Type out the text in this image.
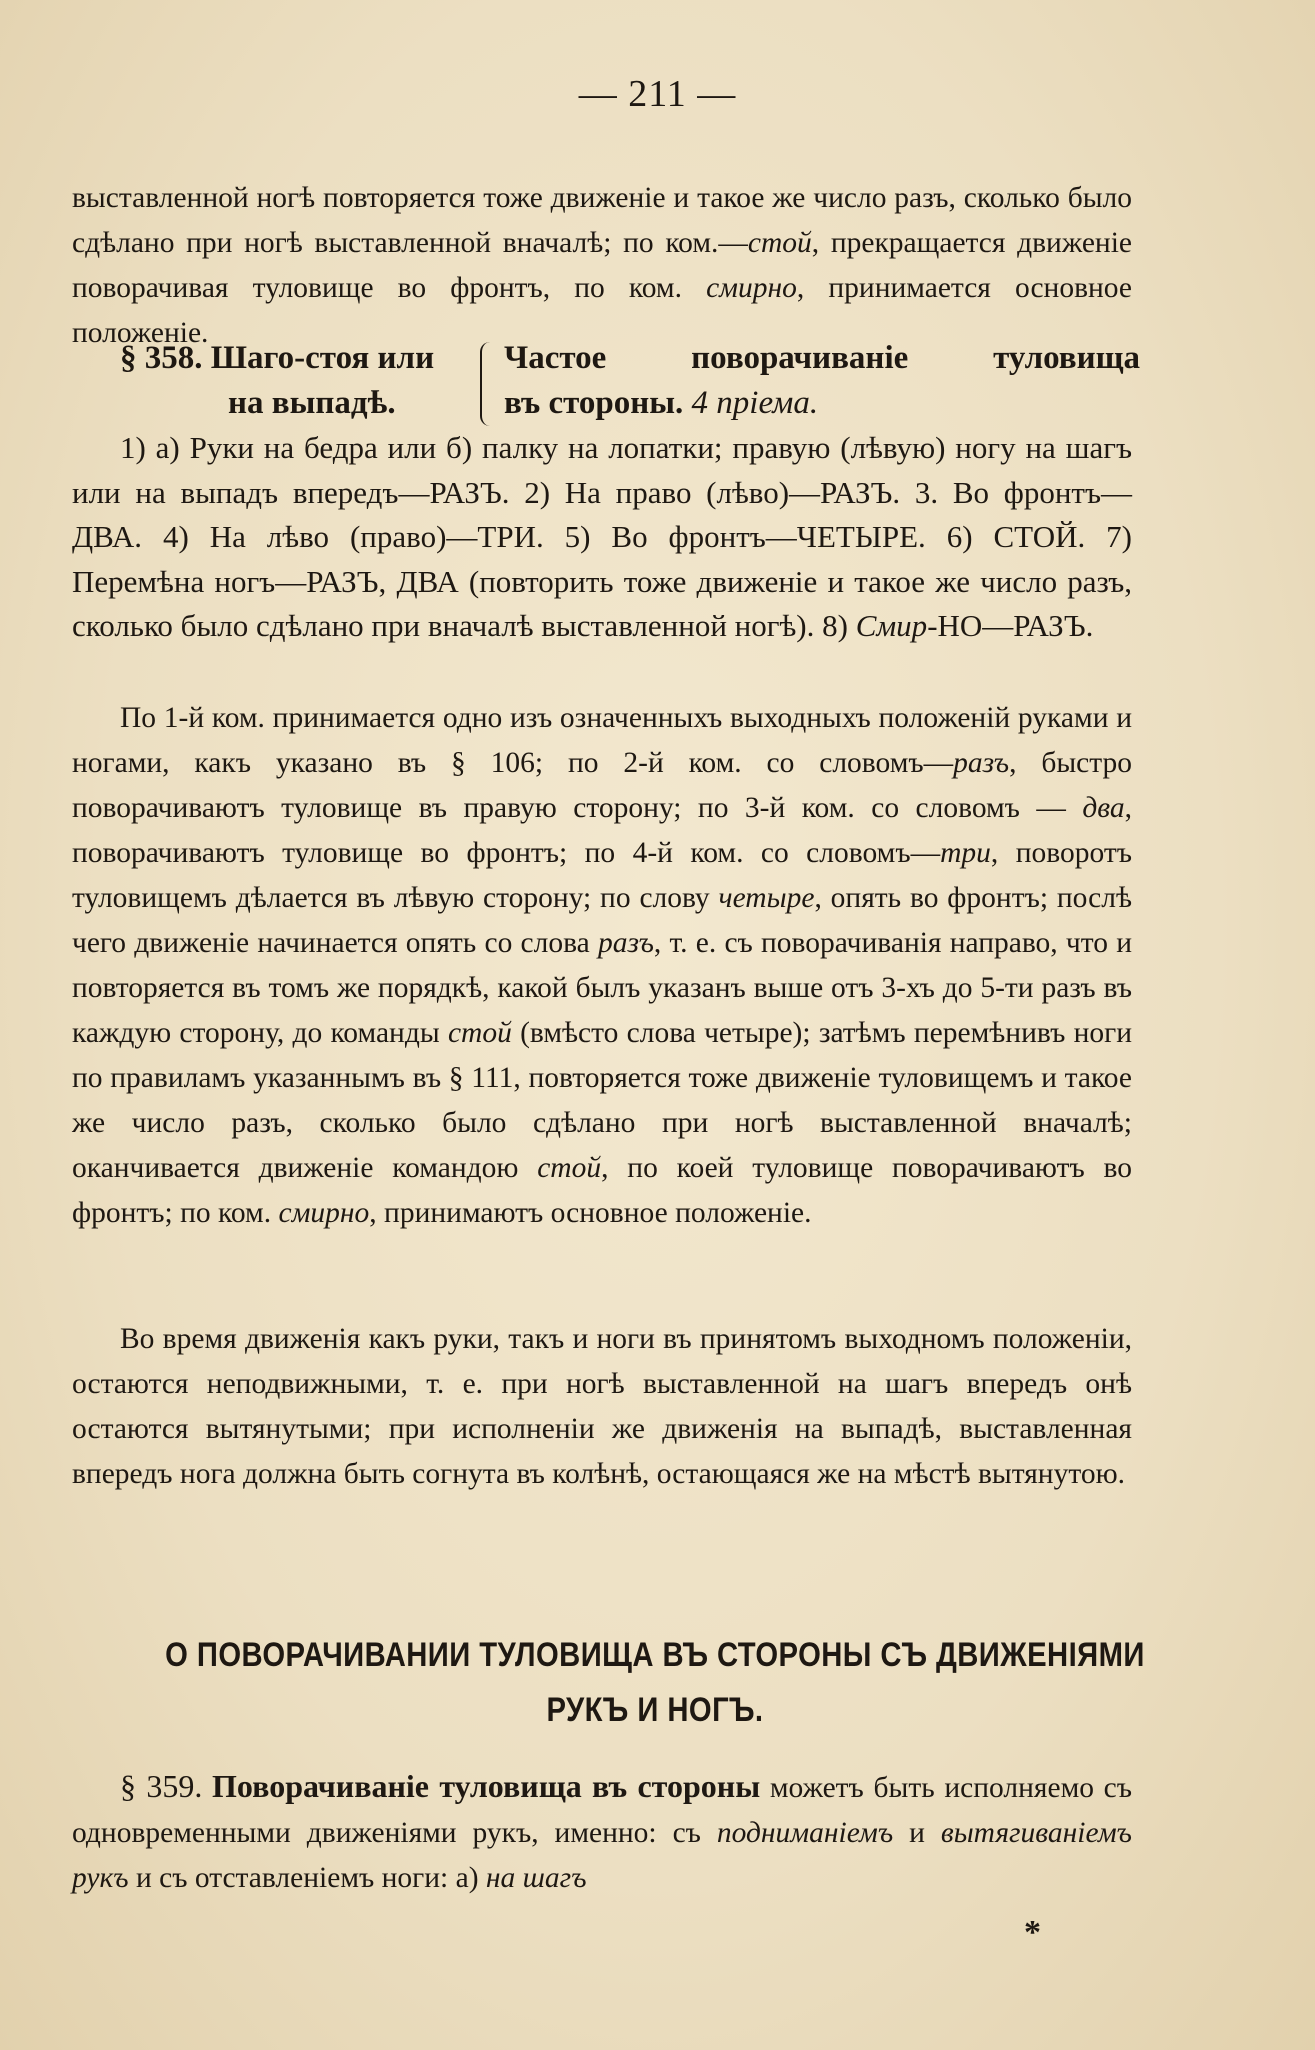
— 211 —
выставленной ногѣ повторяется тоже движеніе и такое же число разъ, сколько было сдѣлано при ногѣ выставленной вначалѣ; по ком.—стой, прекращается движеніе поворачивая туловище во фронтъ, по ком. смирно, принимается основное положеніе.
§ 358. Шаго-стоя или
на выпадѣ.
Частое поворачиваніе туловища
въ стороны. 4 пріема.
1) а) Руки на бедра или б) палку на лопатки; правую (лѣвую) ногу на шагъ или на выпадъ впередъ—РАЗЪ. 2) На право (лѣво)—РАЗЪ. 3. Во фронтъ—ДВА. 4) На лѣво (право)—ТРИ. 5) Во фронтъ—ЧЕТЫРЕ. 6) СТОЙ. 7) Перемѣна ногъ—РАЗЪ, ДВА (повторить тоже движеніе и такое же число разъ, сколько было сдѣлано при вначалѣ выставленной ногѣ). 8) Смир-НО—РАЗЪ.
По 1-й ком. принимается одно изъ означенныхъ выходныхъ положеній руками и ногами, какъ указано въ § 106; по 2-й ком. со словомъ—разъ, быстро поворачиваютъ туловище въ правую сторону; по 3-й ком. со словомъ — два, поворачиваютъ туловище во фронтъ; по 4-й ком. со словомъ—три, поворотъ туловищемъ дѣлается въ лѣвую сторону; по слову четыре, опять во фронтъ; послѣ чего движеніе начинается опять со слова разъ, т. е. съ поворачиванія направо, что и повторяется въ томъ же порядкѣ, какой былъ указанъ выше отъ 3-хъ до 5-ти разъ въ каждую сторону, до команды стой (вмѣсто слова четыре); затѣмъ перемѣнивъ ноги по правиламъ указаннымъ въ § 111, повторяется тоже движеніе туловищемъ и такое же число разъ, сколько было сдѣлано при ногѣ выставленной вначалѣ; оканчивается движеніе командою стой, по коей туловище поворачиваютъ во фронтъ; по ком. смирно, принимаютъ основное положеніе.
Во время движенія какъ руки, такъ и ноги въ принятомъ выходномъ положеніи, остаются неподвижными, т. е. при ногѣ выставленной на шагъ впередъ онѣ остаются вытянутыми; при исполненіи же движенія на выпадѣ, выставленная впередъ нога должна быть согнута въ колѣнѣ, остающаяся же на мѣстѣ вытянутою.
О ПОВОРАЧИВАНИИ ТУЛОВИЩА ВЪ СТОРОНЫ СЪ ДВИЖЕНІЯМИ
РУКЪ И НОГЪ.
§ 359. Поворачиваніе туловища въ стороны можетъ быть исполняемо съ одновременными движеніями рукъ, именно: съ подниманіемъ и вытягиваніемъ рукъ и съ отставленіемъ ноги: а) на шагъ
*
